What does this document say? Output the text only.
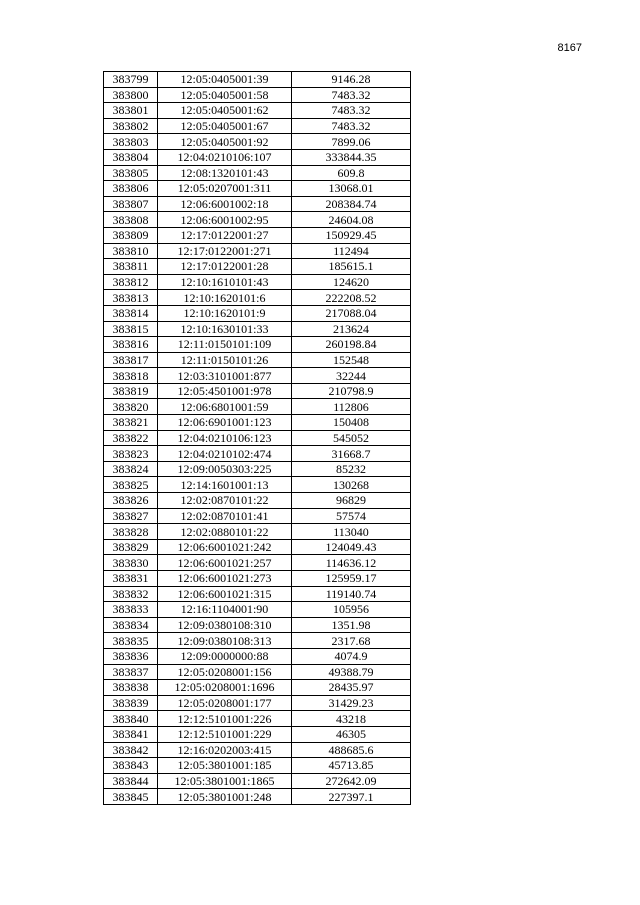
8167
383799	12:05:0405001:39	9146.28
383800	12:05:0405001:58	7483.32
383801	12:05:0405001:62	7483.32
383802	12:05:0405001:67	7483.32
383803	12:05:0405001:92	7899.06
383804	12:04:0210106:107	333844.35
383805	12:08:1320101:43	609.8
383806	12:05:0207001:311	13068.01
383807	12:06:6001002:18	208384.74
383808	12:06:6001002:95	24604.08
383809	12:17:0122001:27	150929.45
383810	12:17:0122001:271	112494
383811	12:17:0122001:28	185615.1
383812	12:10:1610101:43	124620
383813	12:10:1620101:6	222208.52
383814	12:10:1620101:9	217088.04
383815	12:10:1630101:33	213624
383816	12:11:0150101:109	260198.84
383817	12:11:0150101:26	152548
383818	12:03:3101001:877	32244
383819	12:05:4501001:978	210798.9
383820	12:06:6801001:59	112806
383821	12:06:6901001:123	150408
383822	12:04:0210106:123	545052
383823	12:04:0210102:474	31668.7
383824	12:09:0050303:225	85232
383825	12:14:1601001:13	130268
383826	12:02:0870101:22	96829
383827	12:02:0870101:41	57574
383828	12:02:0880101:22	113040
383829	12:06:6001021:242	124049.43
383830	12:06:6001021:257	114636.12
383831	12:06:6001021:273	125959.17
383832	12:06:6001021:315	119140.74
383833	12:16:1104001:90	105956
383834	12:09:0380108:310	1351.98
383835	12:09:0380108:313	2317.68
383836	12:09:0000000:88	4074.9
383837	12:05:0208001:156	49388.79
383838	12:05:0208001:1696	28435.97
383839	12:05:0208001:177	31429.23
383840	12:12:5101001:226	43218
383841	12:12:5101001:229	46305
383842	12:16:0202003:415	488685.6
383843	12:05:3801001:185	45713.85
383844	12:05:3801001:1865	272642.09
383845	12:05:3801001:248	227397.1
